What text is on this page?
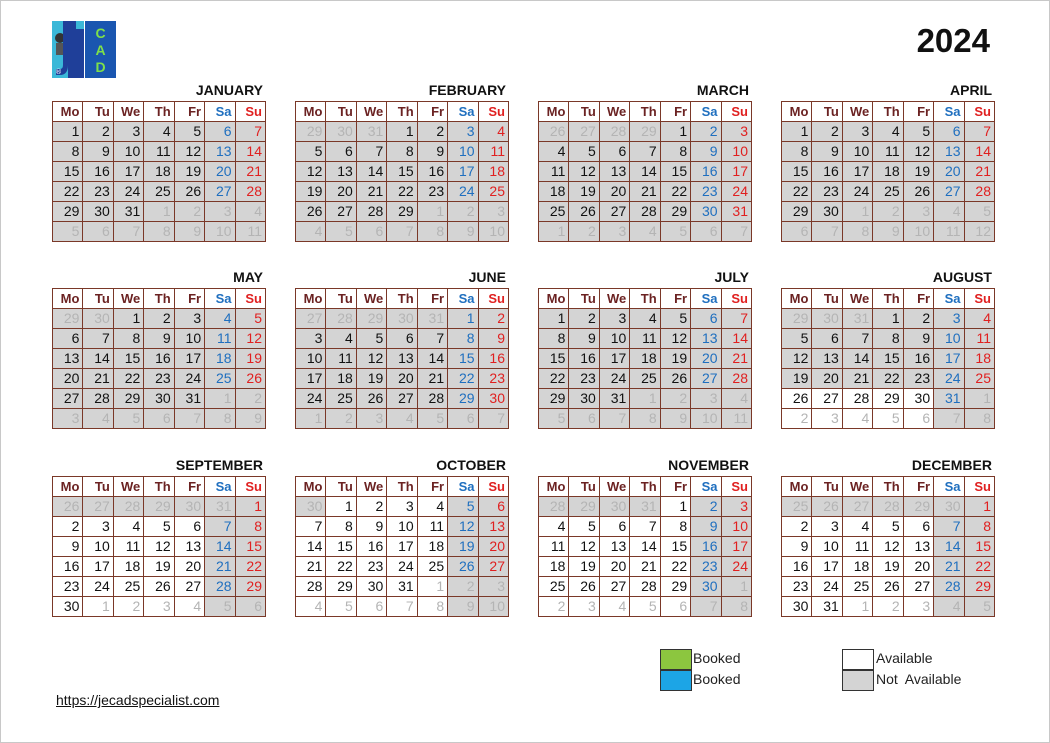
®
C
A
D
2024
JANUARY
Mo	Tu	We	Th	Fr	Sa	Su
1	2	3	4	5	6	7
8	9	10	11	12	13	14
15	16	17	18	19	20	21
22	23	24	25	26	27	28
29	30	31	1	2	3	4
5	6	7	8	9	10	11
FEBRUARY
Mo	Tu	We	Th	Fr	Sa	Su
29	30	31	1	2	3	4
5	6	7	8	9	10	11
12	13	14	15	16	17	18
19	20	21	22	23	24	25
26	27	28	29	1	2	3
4	5	6	7	8	9	10
MARCH
Mo	Tu	We	Th	Fr	Sa	Su
26	27	28	29	1	2	3
4	5	6	7	8	9	10
11	12	13	14	15	16	17
18	19	20	21	22	23	24
25	26	27	28	29	30	31
1	2	3	4	5	6	7
APRIL
Mo	Tu	We	Th	Fr	Sa	Su
1	2	3	4	5	6	7
8	9	10	11	12	13	14
15	16	17	18	19	20	21
22	23	24	25	26	27	28
29	30	1	2	3	4	5
6	7	8	9	10	11	12
MAY
Mo	Tu	We	Th	Fr	Sa	Su
29	30	1	2	3	4	5
6	7	8	9	10	11	12
13	14	15	16	17	18	19
20	21	22	23	24	25	26
27	28	29	30	31	1	2
3	4	5	6	7	8	9
JUNE
Mo	Tu	We	Th	Fr	Sa	Su
27	28	29	30	31	1	2
3	4	5	6	7	8	9
10	11	12	13	14	15	16
17	18	19	20	21	22	23
24	25	26	27	28	29	30
1	2	3	4	5	6	7
JULY
Mo	Tu	We	Th	Fr	Sa	Su
1	2	3	4	5	6	7
8	9	10	11	12	13	14
15	16	17	18	19	20	21
22	23	24	25	26	27	28
29	30	31	1	2	3	4
5	6	7	8	9	10	11
AUGUST
Mo	Tu	We	Th	Fr	Sa	Su
29	30	31	1	2	3	4
5	6	7	8	9	10	11
12	13	14	15	16	17	18
19	20	21	22	23	24	25
26	27	28	29	30	31	1
2	3	4	5	6	7	8
SEPTEMBER
Mo	Tu	We	Th	Fr	Sa	Su
26	27	28	29	30	31	1
2	3	4	5	6	7	8
9	10	11	12	13	14	15
16	17	18	19	20	21	22
23	24	25	26	27	28	29
30	1	2	3	4	5	6
OCTOBER
Mo	Tu	We	Th	Fr	Sa	Su
30	1	2	3	4	5	6
7	8	9	10	11	12	13
14	15	16	17	18	19	20
21	22	23	24	25	26	27
28	29	30	31	1	2	3
4	5	6	7	8	9	10
NOVEMBER
Mo	Tu	We	Th	Fr	Sa	Su
28	29	30	31	1	2	3
4	5	6	7	8	9	10
11	12	13	14	15	16	17
18	19	20	21	22	23	24
25	26	27	28	29	30	1
2	3	4	5	6	7	8
DECEMBER
Mo	Tu	We	Th	Fr	Sa	Su
25	26	27	28	29	30	1
2	3	4	5	6	7	8
9	10	11	12	13	14	15
16	17	18	19	20	21	22
23	24	25	26	27	28	29
30	31	1	2	3	4	5
Booked
Booked
Available
Not  Available
https://jecadspecialist.com
